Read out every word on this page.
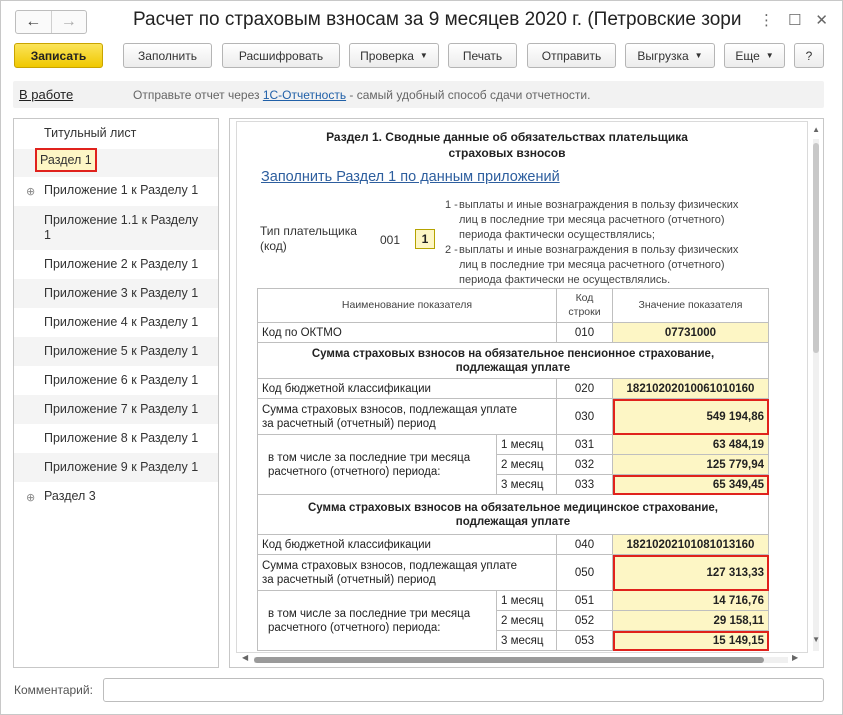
←	→	Расчет по страховым взносам за 9 месяцев 2020 г. (Петровские зори ⋮ ☐ ✕
Записать	Заполнить	Расшифровать	Проверка ▼	Печать	Отправить	Выгрузка ▼	Еще ▼	?
В работе	Отправьте отчет через 1С-Отчетность - самый удобный способ сдачи отчетности.
Титульный лист
Раздел 1
⊕ Приложение 1 к Разделу 1
Приложение 1.1 к Разделу
1
Приложение 2 к Разделу 1
Приложение 3 к Разделу 1
Приложение 4 к Разделу 1
Приложение 5 к Разделу 1
Приложение 6 к Разделу 1
Приложение 7 к Разделу 1
Приложение 8 к Разделу 1
Приложение 9 к Разделу 1
⊕ Раздел 3
Раздел 1. Сводные данные об обязательствах плательщика
страховых взносов
Заполнить Раздел 1 по данным приложений
Тип плательщика
(код)	001	1
1 - выплаты и иные вознаграждения в пользу физических
лиц в последние три месяца расчетного (отчетного)
периода фактически осуществлялись;
2 - выплаты и иные вознаграждения в пользу физических
лиц в последние три месяца расчетного (отчетного)
периода фактически не осуществлялись.
Наименование показателя
Код
строки
Значение показателя
Код по ОКТМО	010	07731000
Сумма страховых взносов на обязательное пенсионное страхование,
подлежащая уплате
Код бюджетной классификации	020	18210202010061010160
Сумма страховых взносов, подлежащая уплате
за расчетный (отчетный) период
030	549 194,86
в том числе за последние три месяца
расчетного (отчетного) периода:
1 месяц	031	63 484,19
2 месяц	032	125 779,94
3 месяц	033	65 349,45
Сумма страховых взносов на обязательное медицинское страхование,
подлежащая уплате
Код бюджетной классификации	040	18210202101081013160
Сумма страховых взносов, подлежащая уплате
за расчетный (отчетный) период
050	127 313,33
в том числе за последние три месяца
расчетного (отчетного) периода:
1 месяц	051	14 716,76
2 месяц	052	29 158,11
3 месяц	053	15 149,15
▲
▼
◀	▶
Комментарий:
